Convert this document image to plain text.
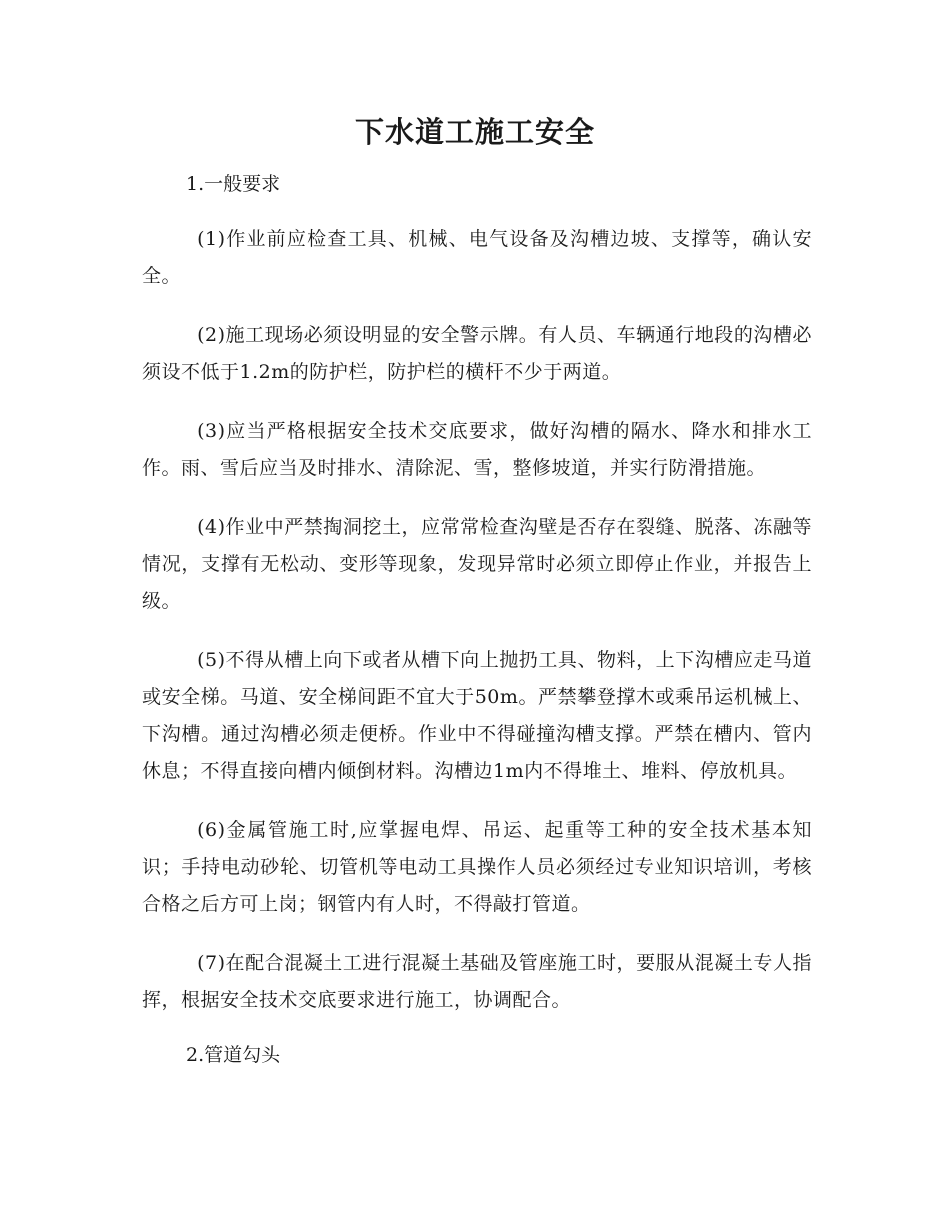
下水道工施工安全

1.一般要求

(1)作业前应检查工具、机械、电气设备及沟槽边坡、支撑等，确认安全。

(2)施工现场必须设明显的安全警示牌。有人员、车辆通行地段的沟槽必须设不低于1.2m的防护栏，防护栏的横杆不少于两道。

(3)应当严格根据安全技术交底要求，做好沟槽的隔水、降水和排水工作。雨、雪后应当及时排水、清除泥、雪，整修坡道，并实行防滑措施。

(4)作业中严禁掏洞挖土，应常常检查沟壁是否存在裂缝、脱落、冻融等情况，支撑有无松动、变形等现象，发现异常时必须立即停止作业，并报告上级。

(5)不得从槽上向下或者从槽下向上抛扔工具、物料，上下沟槽应走马道或安全梯。马道、安全梯间距不宜大于50m。严禁攀登撑木或乘吊运机械上、下沟槽。通过沟槽必须走便桥。作业中不得碰撞沟槽支撑。严禁在槽内、管内休息；不得直接向槽内倾倒材料。沟槽边1m内不得堆土、堆料、停放机具。

(6)金属管施工时,应掌握电焊、吊运、起重等工种的安全技术基本知识；手持电动砂轮、切管机等电动工具操作人员必须经过专业知识培训，考核合格之后方可上岗；钢管内有人时，不得敲打管道。

(7)在配合混凝土工进行混凝土基础及管座施工时，要服从混凝土专人指挥，根据安全技术交底要求进行施工，协调配合。

2.管道勾头
